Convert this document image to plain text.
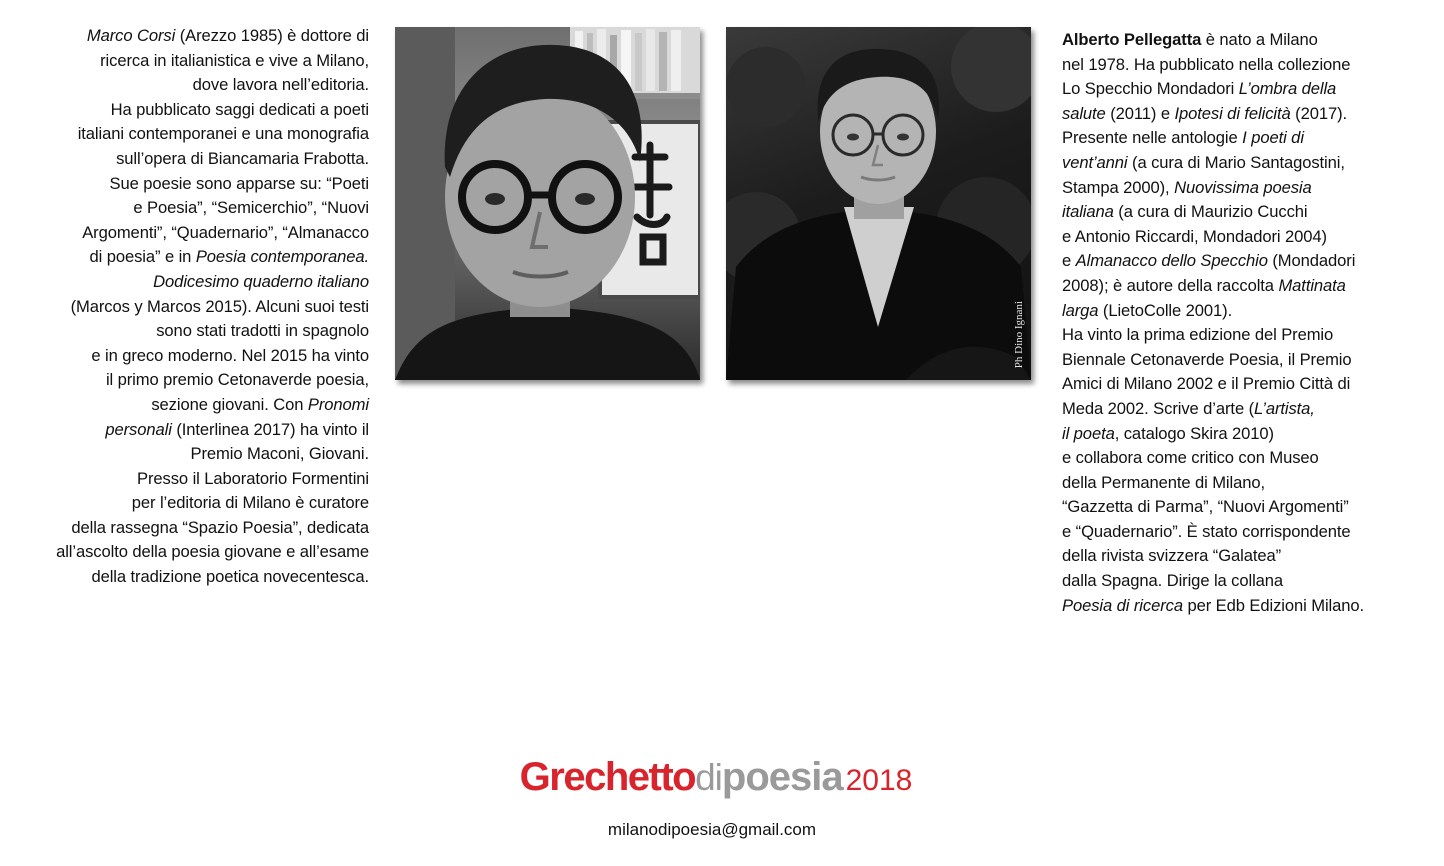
Marco Corsi (Arezzo 1985) è dottore di
ricerca in italianistica e vive a Milano,
dove lavora nell’editoria.
Ha pubblicato saggi dedicati a poeti
italiani contemporanei e una monografia
sull’opera di Biancamaria Frabotta.
Sue poesie sono apparse su: “Poeti
e Poesia”, “Semicerchio”, “Nuovi
Argomenti”, “Quadernario”, “Almanacco
di poesia” e in Poesia contemporanea.
Dodicesimo quaderno italiano
(Marcos y Marcos 2015). Alcuni suoi testi
sono stati tradotti in spagnolo
e in greco moderno. Nel 2015 ha vinto
il primo premio Cetonaverde poesia,
sezione giovani. Con Pronomi
personali (Interlinea 2017) ha vinto il
Premio Maconi, Giovani.
Presso il Laboratorio Formentini
per l’editoria di Milano è curatore
della rassegna “Spazio Poesia”, dedicata
all’ascolto della poesia giovane e all’esame
della tradizione poetica novecentesca.
Ph Dino Ignani
Alberto Pellegatta è nato a Milano
nel 1978. Ha pubblicato nella collezione
Lo Specchio Mondadori L’ombra della
salute (2011) e Ipotesi di felicità (2017).
Presente nelle antologie I poeti di
vent’anni (a cura di Mario Santagostini,
Stampa 2000), Nuovissima poesia
italiana (a cura di Maurizio Cucchi
e Antonio Riccardi, Mondadori 2004)
e Almanacco dello Specchio (Mondadori
2008); è autore della raccolta Mattinata
larga (LietoColle 2001).
Ha vinto la prima edizione del Premio
Biennale Cetonaverde Poesia, il Premio
Amici di Milano 2002 e il Premio Città di
Meda 2002. Scrive d’arte (L’artista,
il poeta, catalogo Skira 2010)
e collabora come critico con Museo
della Permanente di Milano,
“Gazzetta di Parma”, “Nuovi Argomenti”
e “Quadernario”. È stato corrispondente
della rivista svizzera “Galatea”
dalla Spagna. Dirige la collana
Poesia di ricerca per Edb Edizioni Milano.
Grechettodipoesia 2018
milanodipoesia@gmail.com
